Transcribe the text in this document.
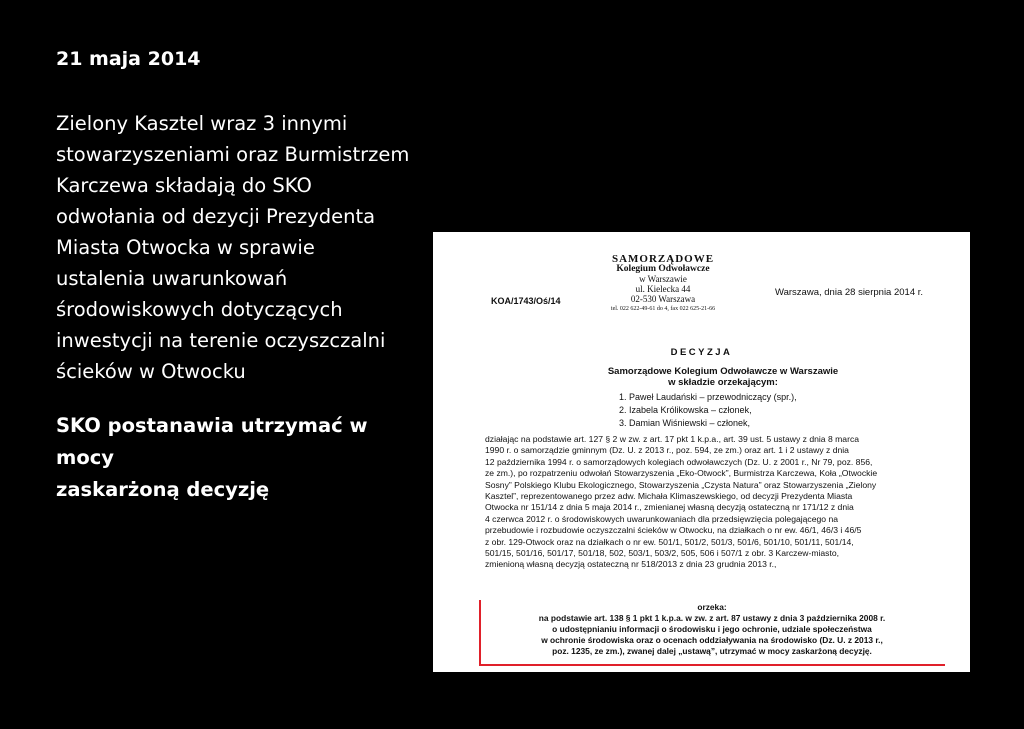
21 maja 2014
Zielony Kasztel wraz 3 innymi
stowarzyszeniami oraz Burmistrzem
Karczewa składają do SKO
odwołania od dezycji Prezydenta
Miasta Otwocka w sprawie
ustalenia uwarunkowań
środowiskowych dotyczących
inwestycji na terenie oczyszczalni
ścieków w Otwocku
SKO postanawia utrzymać w mocy
zaskarżoną decyzję
SAMORZĄDOWE
Kolegium Odwoławcze
w Warszawie
ul. Kielecka 44
02-530 Warszawa
tel. 022 622-49-61 do 4, fax 022 625-21-66
KOA/1743/Oś/14
Warszawa, dnia 28 sierpnia 2014 r.
DECYZJA
Samorządowe Kolegium Odwoławcze w Warszawie
w składzie orzekającym:
1. Paweł Laudański – przewodniczący (spr.),
2. Izabela Królikowska – członek,
3. Damian Wiśniewski – członek,
działając na podstawie art. 127 § 2 w zw. z art. 17 pkt 1 k.p.a., art. 39 ust. 5 ustawy z dnia 8 marca
1990 r. o samorządzie gminnym (Dz. U. z 2013 r., poz. 594, ze zm.) oraz art. 1 i 2 ustawy z dnia
12 października 1994 r. o samorządowych kolegiach odwoławczych (Dz. U. z 2001 r., Nr 79, poz. 856,
ze zm.), po rozpatrzeniu odwołań Stowarzyszenia „Eko-Otwock”, Burmistrza Karczewa, Koła „Otwockie
Sosny” Polskiego Klubu Ekologicznego, Stowarzyszenia „Czysta Natura” oraz Stowarzyszenia „Zielony
Kasztel”, reprezentowanego przez adw. Michała Klimaszewskiego, od decyzji Prezydenta Miasta
Otwocka nr 151/14 z dnia 5 maja 2014 r., zmienianej własną decyzją ostateczną nr 171/12 z dnia
4 czerwca 2012 r. o środowiskowych uwarunkowaniach dla przedsięwzięcia polegającego na
przebudowie i rozbudowie oczyszczalni ścieków w Otwocku, na działkach o nr ew. 46/1, 46/3 i 46/5
z obr. 129-Otwock oraz na działkach o nr ew. 501/1, 501/2, 501/3, 501/6, 501/10, 501/11, 501/14,
501/15, 501/16, 501/17, 501/18, 502, 503/1, 503/2, 505, 506 i 507/1 z obr. 3 Karczew-miasto,
zmienioną własną decyzją ostateczną nr 518/2013 z dnia 23 grudnia 2013 r.,
orzeka:
na podstawie art. 138 § 1 pkt 1 k.p.a. w zw. z art. 87 ustawy z dnia 3 października 2008 r.
o udostępnianiu informacji o środowisku i jego ochronie, udziale społeczeństwa
w ochronie środowiska oraz o ocenach oddziaływania na środowisko (Dz. U. z 2013 r.,
poz. 1235, ze zm.), zwanej dalej „ustawą”, utrzymać w mocy zaskarżoną decyzję.
